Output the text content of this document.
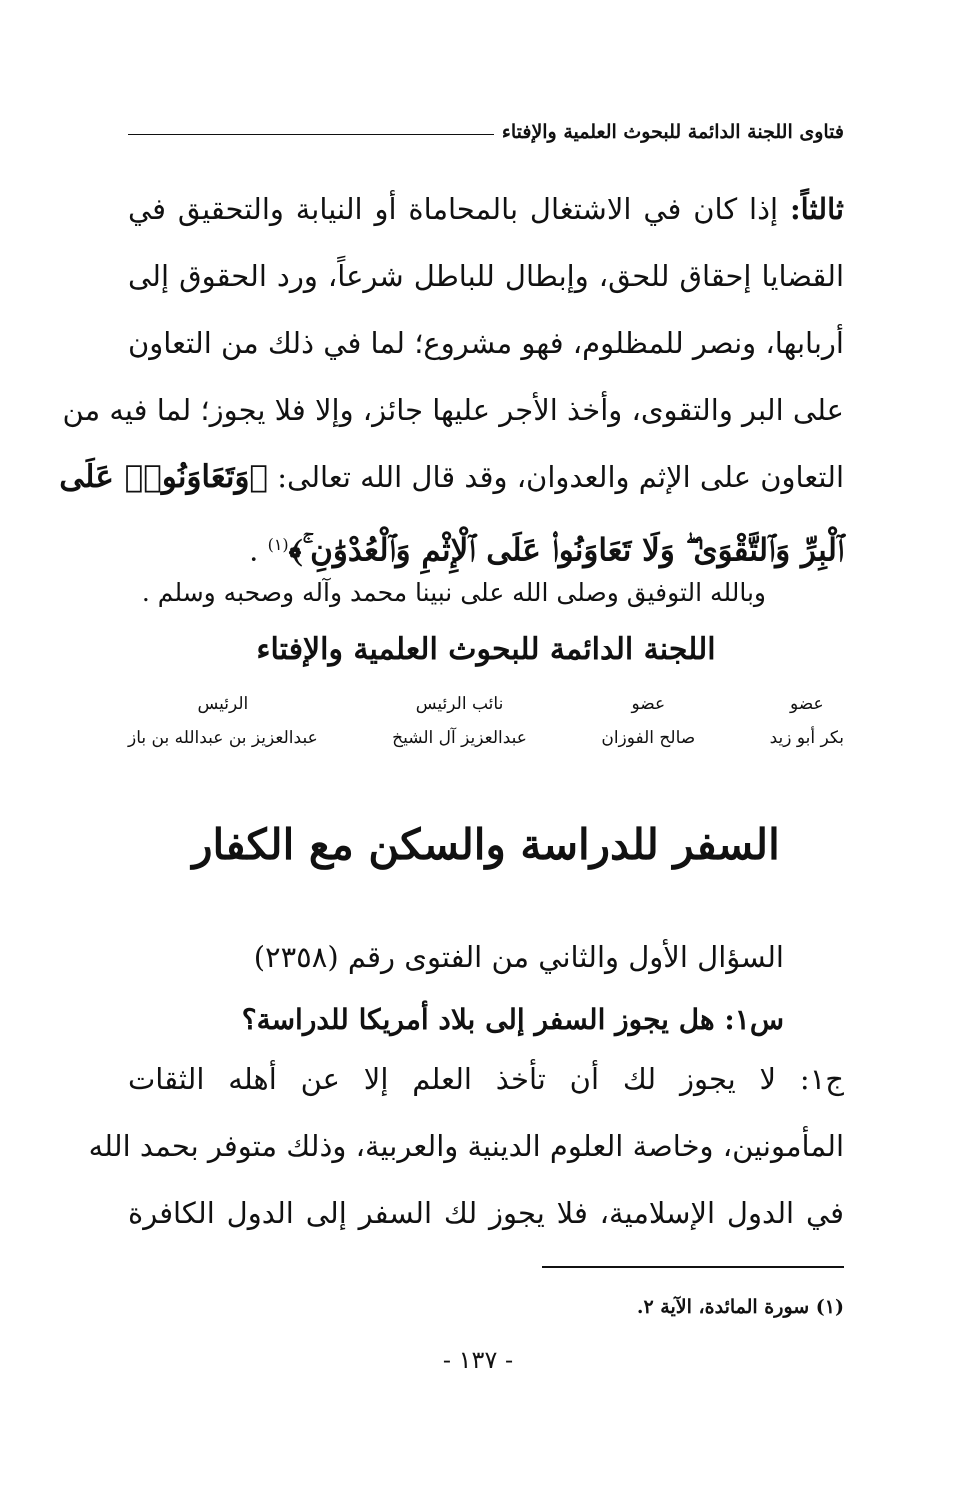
فتاوى اللجنة الدائمة للبحوث العلمية والإفتاء
ثالثاً: إذا كان في الاشتغال بالمحاماة أو النيابة والتحقيق في
القضايا إحقاق للحق، وإبطال للباطل شرعاً، ورد الحقوق إلى
أربابها، ونصر للمظلوم، فهو مشروع؛ لما في ذلك من التعاون
على البر والتقوى، وأخذ الأجر عليها جائز، وإلا فلا يجوز؛ لما فيه من
التعاون على الإثم والعدوان، وقد قال الله تعالى: ﴿وَتَعَاوَنُوا۟ عَلَى
ٱلْبِرِّ وَٱلتَّقْوَىٰ ۖ وَلَا تَعَاوَنُوا۟ عَلَى ٱلْإِثْمِ وَٱلْعُدْوَٰنِ ۚ﴾$^{(١)}$ .
وبالله التوفيق وصلى الله على نبينا محمد وآله وصحبه وسلم .
اللجنة الدائمة للبحوث العلمية والإفتاء
عضو
بكر أبو زيد
عضو
صالح الفوزان
نائب الرئيس
عبدالعزيز آل الشيخ
الرئيس
عبدالعزيز بن عبدالله بن باز
السفر للدراسة والسكن مع الكفار
السؤال الأول والثاني من الفتوى رقم (٢٣٥٨)
س١: هل يجوز السفر إلى بلاد أمريكا للدراسة؟
ج١: لا يجوز لك أن تأخذ العلم إلا عن أهله الثقات
المأمونين، وخاصة العلوم الدينية والعربية، وذلك متوفر بحمد الله
في الدول الإسلامية، فلا يجوز لك السفر إلى الدول الكافرة
(١) سورة المائدة، الآية ٢.
- ١٣٧ -
